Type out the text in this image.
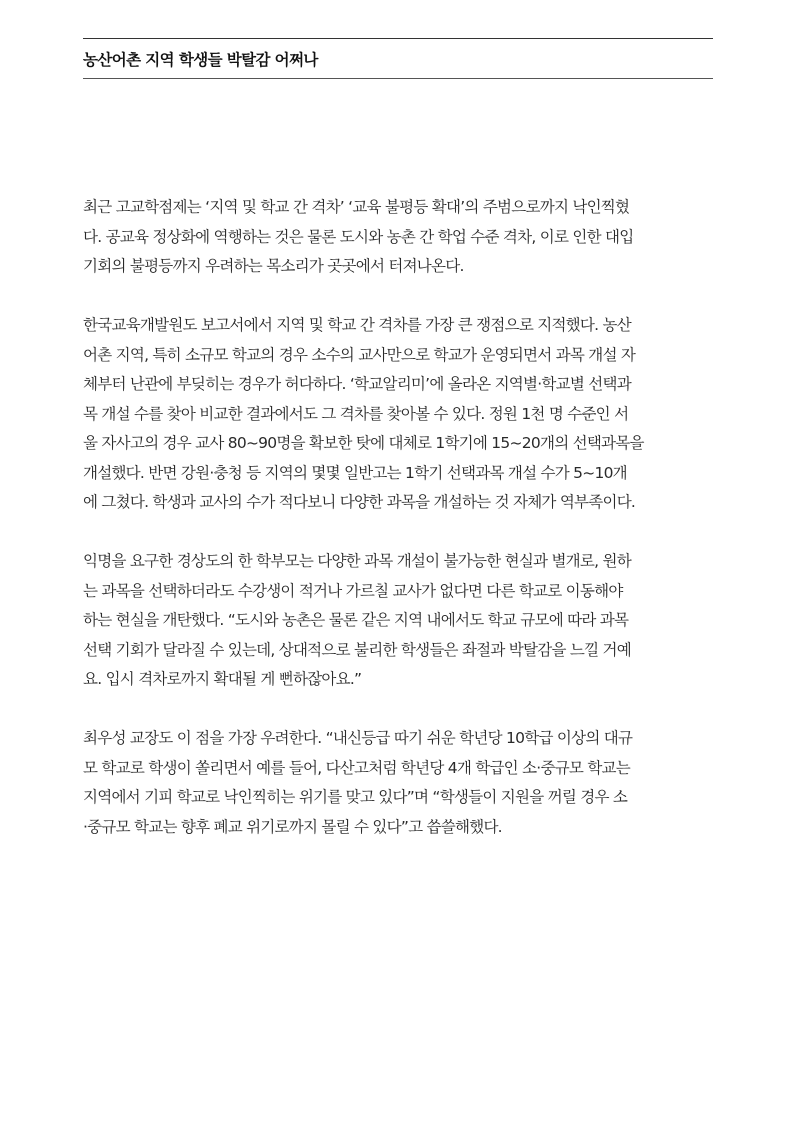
농산어촌 지역 학생들 박탈감 어쩌나

최근 고교학점제는 ‘지역 및 학교 간 격차’ ‘교육 불평등 확대’의 주범으로까지 낙인찍혔
다. 공교육 정상화에 역행하는 것은 물론 도시와 농촌 간 학업 수준 격차, 이로 인한 대입
기회의 불평등까지 우려하는 목소리가 곳곳에서 터져나온다.

한국교육개발원도 보고서에서 지역 및 학교 간 격차를 가장 큰 쟁점으로 지적했다. 농산
어촌 지역, 특히 소규모 학교의 경우 소수의 교사만으로 학교가 운영되면서 과목 개설 자
체부터 난관에 부딪히는 경우가 허다하다. ‘학교알리미’에 올라온 지역별·학교별 선택과
목 개설 수를 찾아 비교한 결과에서도 그 격차를 찾아볼 수 있다. 정원 1천 명 수준인 서
울 자사고의 경우 교사 80~90명을 확보한 탓에 대체로 1학기에 15~20개의 선택과목을
개설했다. 반면 강원·충청 등 지역의 몇몇 일반고는 1학기 선택과목 개설 수가 5~10개
에 그쳤다. 학생과 교사의 수가 적다보니 다양한 과목을 개설하는 것 자체가 역부족이다.

익명을 요구한 경상도의 한 학부모는 다양한 과목 개설이 불가능한 현실과 별개로, 원하
는 과목을 선택하더라도 수강생이 적거나 가르칠 교사가 없다면 다른 학교로 이동해야
하는 현실을 개탄했다. “도시와 농촌은 물론 같은 지역 내에서도 학교 규모에 따라 과목
선택 기회가 달라질 수 있는데, 상대적으로 불리한 학생들은 좌절과 박탈감을 느낄 거예
요. 입시 격차로까지 확대될 게 뻔하잖아요.”

최우성 교장도 이 점을 가장 우려한다. “내신등급 따기 쉬운 학년당 10학급 이상의 대규
모 학교로 학생이 쏠리면서 예를 들어, 다산고처럼 학년당 4개 학급인 소·중규모 학교는
지역에서 기피 학교로 낙인찍히는 위기를 맞고 있다”며 “학생들이 지원을 꺼릴 경우 소
·중규모 학교는 향후 폐교 위기로까지 몰릴 수 있다”고 씁쓸해했다.
